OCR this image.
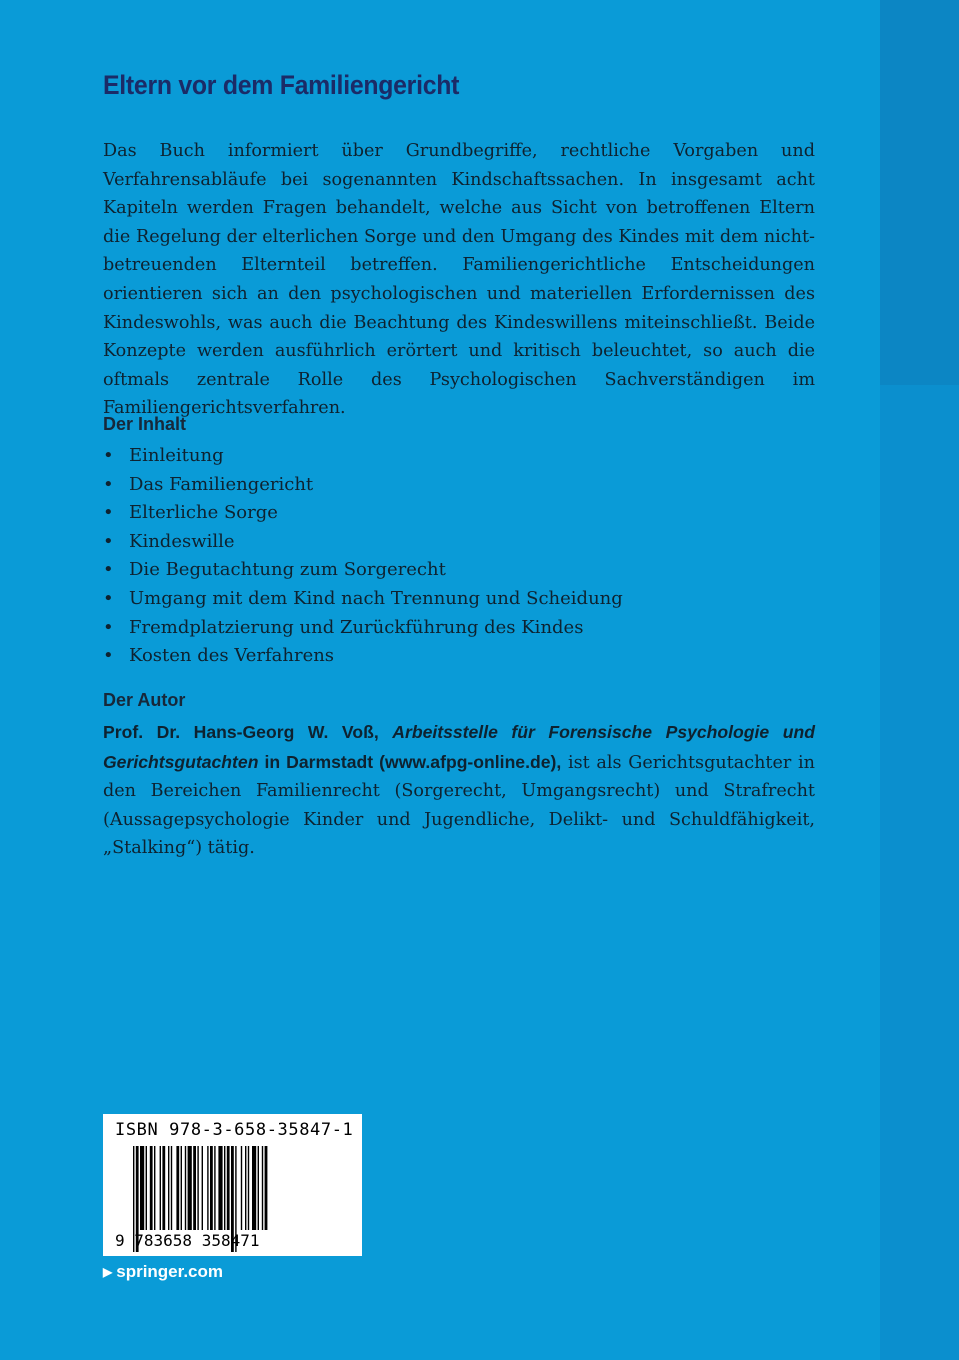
Eltern vor dem Familiengericht

Das Buch informiert über Grundbegriffe, rechtliche Vorgaben und Verfahrensabläufe bei sogenannten Kindschaftssachen. In insgesamt acht Kapiteln werden Fragen behandelt, welche aus Sicht von betroffenen Eltern die Regelung der elterlichen Sorge und den Umgang des Kindes mit dem nicht-betreuenden Elternteil betreffen. Familiengerichtliche Entscheidungen orientieren sich an den psychologischen und materiellen Erfordernissen des Kindeswohls, was auch die Beachtung des Kindeswillens miteinschließt. Beide Konzepte werden ausführlich erörtert und kritisch beleuchtet, so auch die oftmals zentrale Rolle des Psychologischen Sachverständigen im Familiengerichtsverfahren.

Der Inhalt
• Einleitung
• Das Familiengericht
• Elterliche Sorge
• Kindeswille
• Die Begutachtung zum Sorgerecht
• Umgang mit dem Kind nach Trennung und Scheidung
• Fremdplatzierung und Zurückführung des Kindes
• Kosten des Verfahrens
Der Autor

Prof. Dr. Hans-Georg W. Voß, Arbeitsstelle für Forensische Psychologie und Gerichtsgutachten in Darmstadt (www.afpg-online.de), ist als Gerichtsgutachter in den Bereichen Familienrecht (Sorgerecht, Umgangsrecht) und Strafrecht (Aussagepsychologie Kinder und Jugendliche, Delikt- und Schuldfähigkeit, „Stalking“) tätig.

ISBN 978-3-658-35847-1
9 783658 358471
▶ springer.com
